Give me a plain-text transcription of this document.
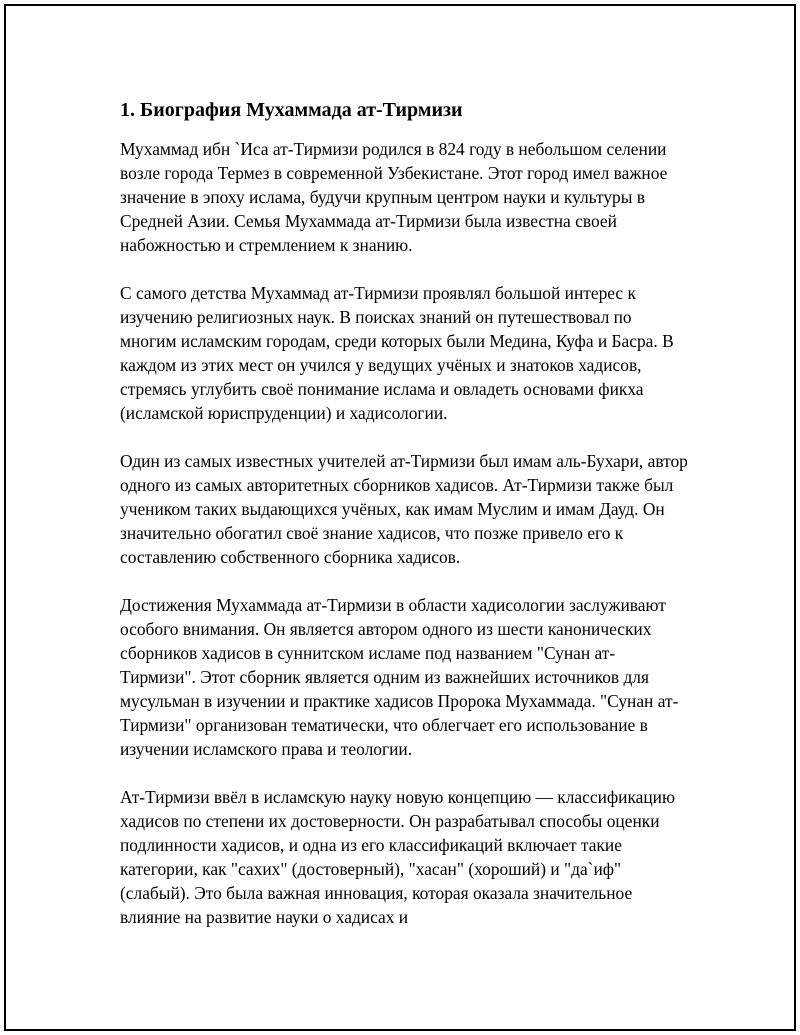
1. Биография Мухаммада ат-Тирмизи

Мухаммад ибн `Иса ат-Тирмизи родился в 824 году в небольшом селении возле города Термез в современной Узбекистане. Этот город имел важное значение в эпоху ислама, будучи крупным центром науки и культуры в Средней Азии. Семья Мухаммада ат-Тирмизи была известна своей набожностью и стремлением к знанию.

С самого детства Мухаммад ат-Тирмизи проявлял большой интерес к изучению религиозных наук. В поисках знаний он путешествовал по многим исламским городам, среди которых были Медина, Куфа и Басра. В каждом из этих мест он учился у ведущих учёных и знатоков хадисов, стремясь углубить своё понимание ислама и овладеть основами фикха (исламской юриспруденции) и хадисологии.

Один из самых известных учителей ат-Тирмизи был имам аль-Бухари, автор одного из самых авторитетных сборников хадисов. Ат-Тирмизи также был учеником таких выдающихся учёных, как имам Муслим и имам Дауд. Он значительно обогатил своё знание хадисов, что позже привело его к составлению собственного сборника хадисов.

Достижения Мухаммада ат-Тирмизи в области хадисологии заслуживают особого внимания. Он является автором одного из шести канонических сборников хадисов в суннитском исламе под названием "Сунан ат-Тирмизи". Этот сборник является одним из важнейших источников для мусульман в изучении и практике хадисов Пророка Мухаммада. "Сунан ат-Тирмизи" организован тематически, что облегчает его использование в изучении исламского права и теологии.

Ат-Тирмизи ввёл в исламскую науку новую концепцию — классификацию хадисов по степени их достоверности. Он разрабатывал способы оценки подлинности хадисов, и одна из его классификаций включает такие категории, как "сахих" (достоверный), "хасан" (хороший) и "да`иф" (слабый). Это была важная инновация, которая оказала значительное влияние на развитие науки о хадисах и
